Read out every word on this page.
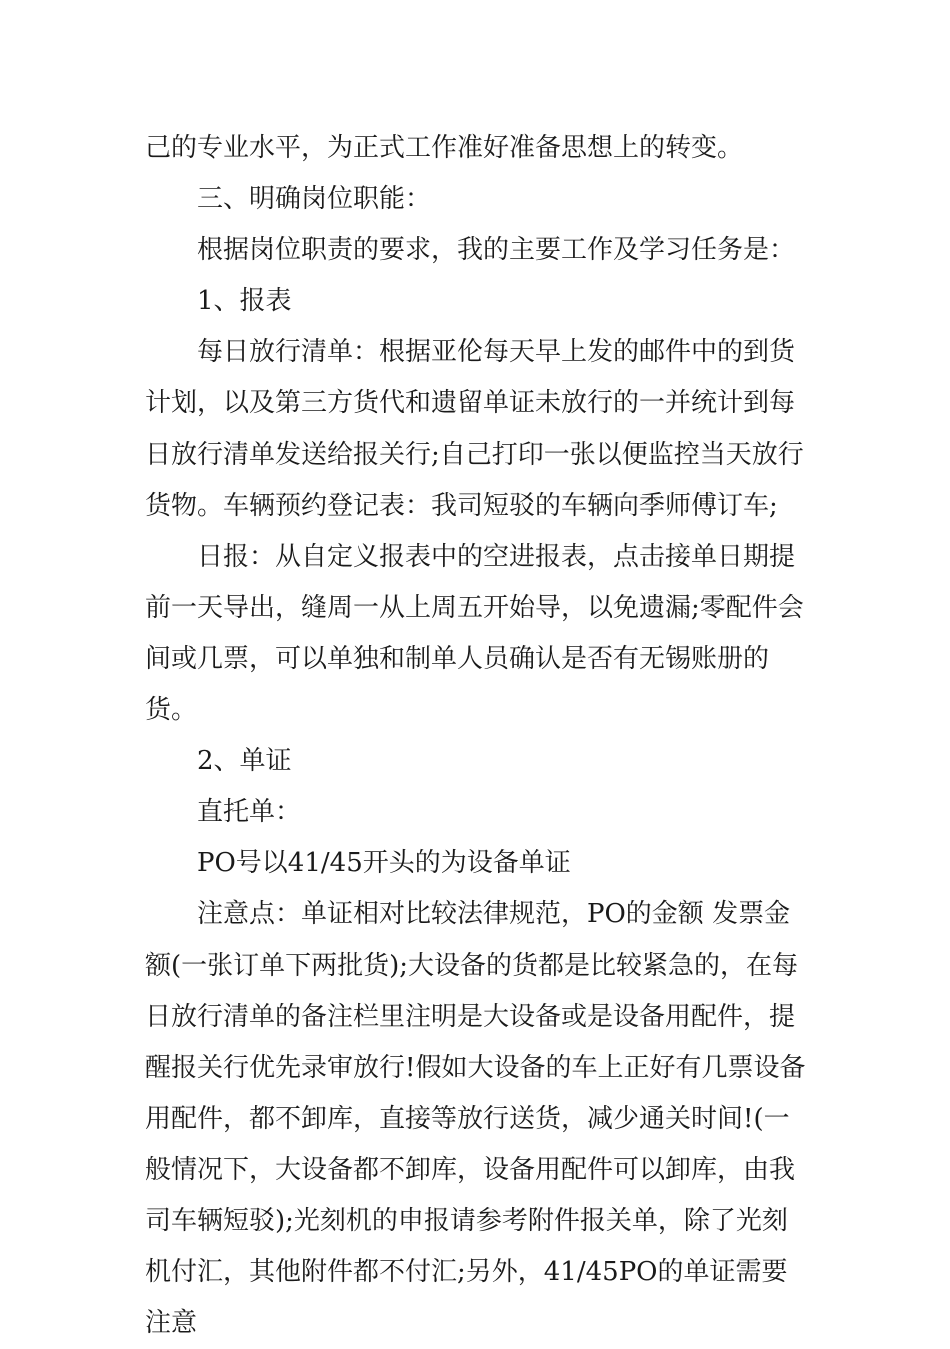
己的专业水平，为正式工作准好准备思想上的转变。

三、明确岗位职能：

根据岗位职责的要求，我的主要工作及学习任务是：

1、报表

每日放行清单：根据亚伦每天早上发的邮件中的到货计划，以及第三方货代和遗留单证未放行的一并统计到每日放行清单发送给报关行;自己打印一张以便监控当天放行货物。车辆预约登记表：我司短驳的车辆向季师傅订车;

日报：从自定义报表中的空进报表，点击接单日期提前一天导出，缝周一从上周五开始导，以免遗漏;零配件会间或几票，可以单独和制单人员确认是否有无锡账册的货。

2、单证

直托单：

PO号以41/45开头的为设备单证

注意点：单证相对比较法律规范，PO的金额 发票金额(一张订单下两批货);大设备的货都是比较紧急的，在每日放行清单的备注栏里注明是大设备或是设备用配件，提醒报关行优先录审放行!假如大设备的车上正好有几票设备用配件，都不卸库，直接等放行送货，减少通关时间!(一般情况下，大设备都不卸库，设备用配件可以卸库，由我司车辆短驳);光刻机的申报请参考附件报关单，除了光刻机付汇，其他附件都不付汇;另外，41/45PO的单证需要注意
